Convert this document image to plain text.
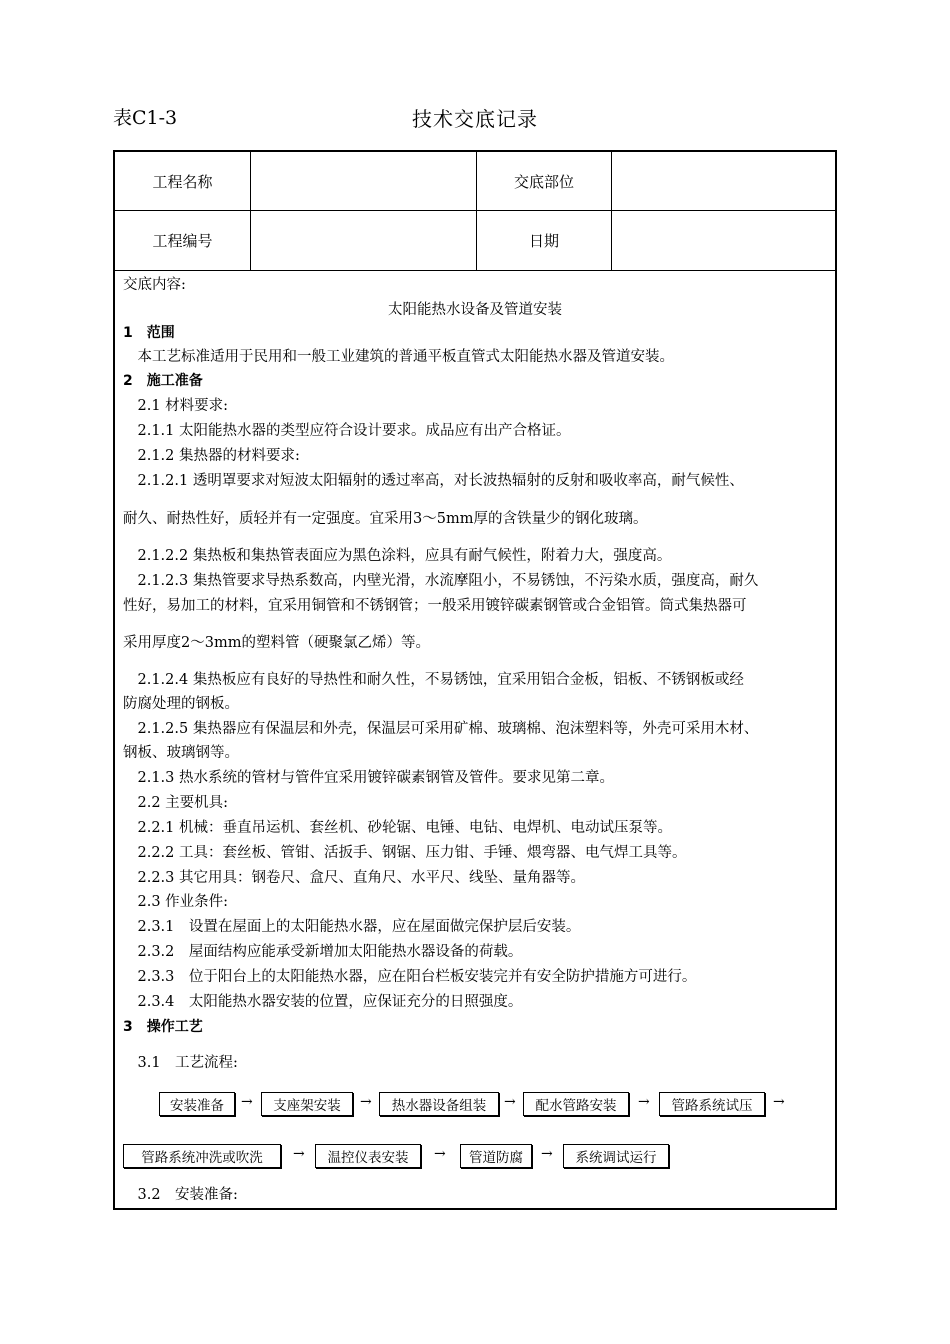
表C1-3	技术交底记录
工程名称	交底部位
工程编号	日期
交底内容:
太阳能热水设备及管道安装
1　范围
　本工艺标准适用于民用和一般工业建筑的普通平板直管式太阳能热水器及管道安装。
2　施工准备
　2.1 材料要求:
　2.1.1 太阳能热水器的类型应符合设计要求。成品应有出产合格证。
　2.1.2 集热器的材料要求:
　2.1.2.1 透明罩要求对短波太阳辐射的透过率高，对长波热辐射的反射和吸收率高，耐气候性、
耐久、耐热性好，质轻并有一定强度。宜采用3～5mm厚的含铁量少的钢化玻璃。
　2.1.2.2 集热板和集热管表面应为黑色涂料，应具有耐气候性，附着力大，强度高。
　2.1.2.3 集热管要求导热系数高，内壁光滑，水流摩阻小，不易锈蚀，不污染水质，强度高，耐久
性好，易加工的材料，宜采用铜管和不锈钢管；一般采用镀锌碳素钢管或合金铝管。筒式集热器可
采用厚度2～3mm的塑料管（硬聚氯乙烯）等。
　2.1.2.4 集热板应有良好的导热性和耐久性，不易锈蚀，宜采用铝合金板，铝板、不锈钢板或经
防腐处理的钢板。
　2.1.2.5 集热器应有保温层和外壳，保温层可采用矿棉、玻璃棉、泡沫塑料等，外壳可采用木材、
钢板、玻璃钢等。
　2.1.3 热水系统的管材与管件宜采用镀锌碳素钢管及管件。要求见第二章。
　2.2 主要机具:
　2.2.1 机械：垂直吊运机、套丝机、砂轮锯、电锤、电钻、电焊机、电动试压泵等。
　2.2.2 工具：套丝板、管钳、活扳手、钢锯、压力钳、手锤、煨弯器、电气焊工具等。
　2.2.3 其它用具：钢卷尺、盒尺、直角尺、水平尺、线坠、量角器等。
　2.3 作业条件:
　2.3.1　设置在屋面上的太阳能热水器，应在屋面做完保护层后安装。
　2.3.2　屋面结构应能承受新增加太阳能热水器设备的荷载。
　2.3.3　位于阳台上的太阳能热水器，应在阳台栏板安装完并有安全防护措施方可进行。
　2.3.4　太阳能热水器安装的位置，应保证充分的日照强度。
3　操作工艺
　3.1　工艺流程:
安装准备	→	支座架安装	→	热水器设备组装	→	配水管路安装	→	管路系统试压	→
管路系统冲洗或吹洗	→	温控仪表安装	→	管道防腐	→	系统调试运行
　3.2　安装准备:
